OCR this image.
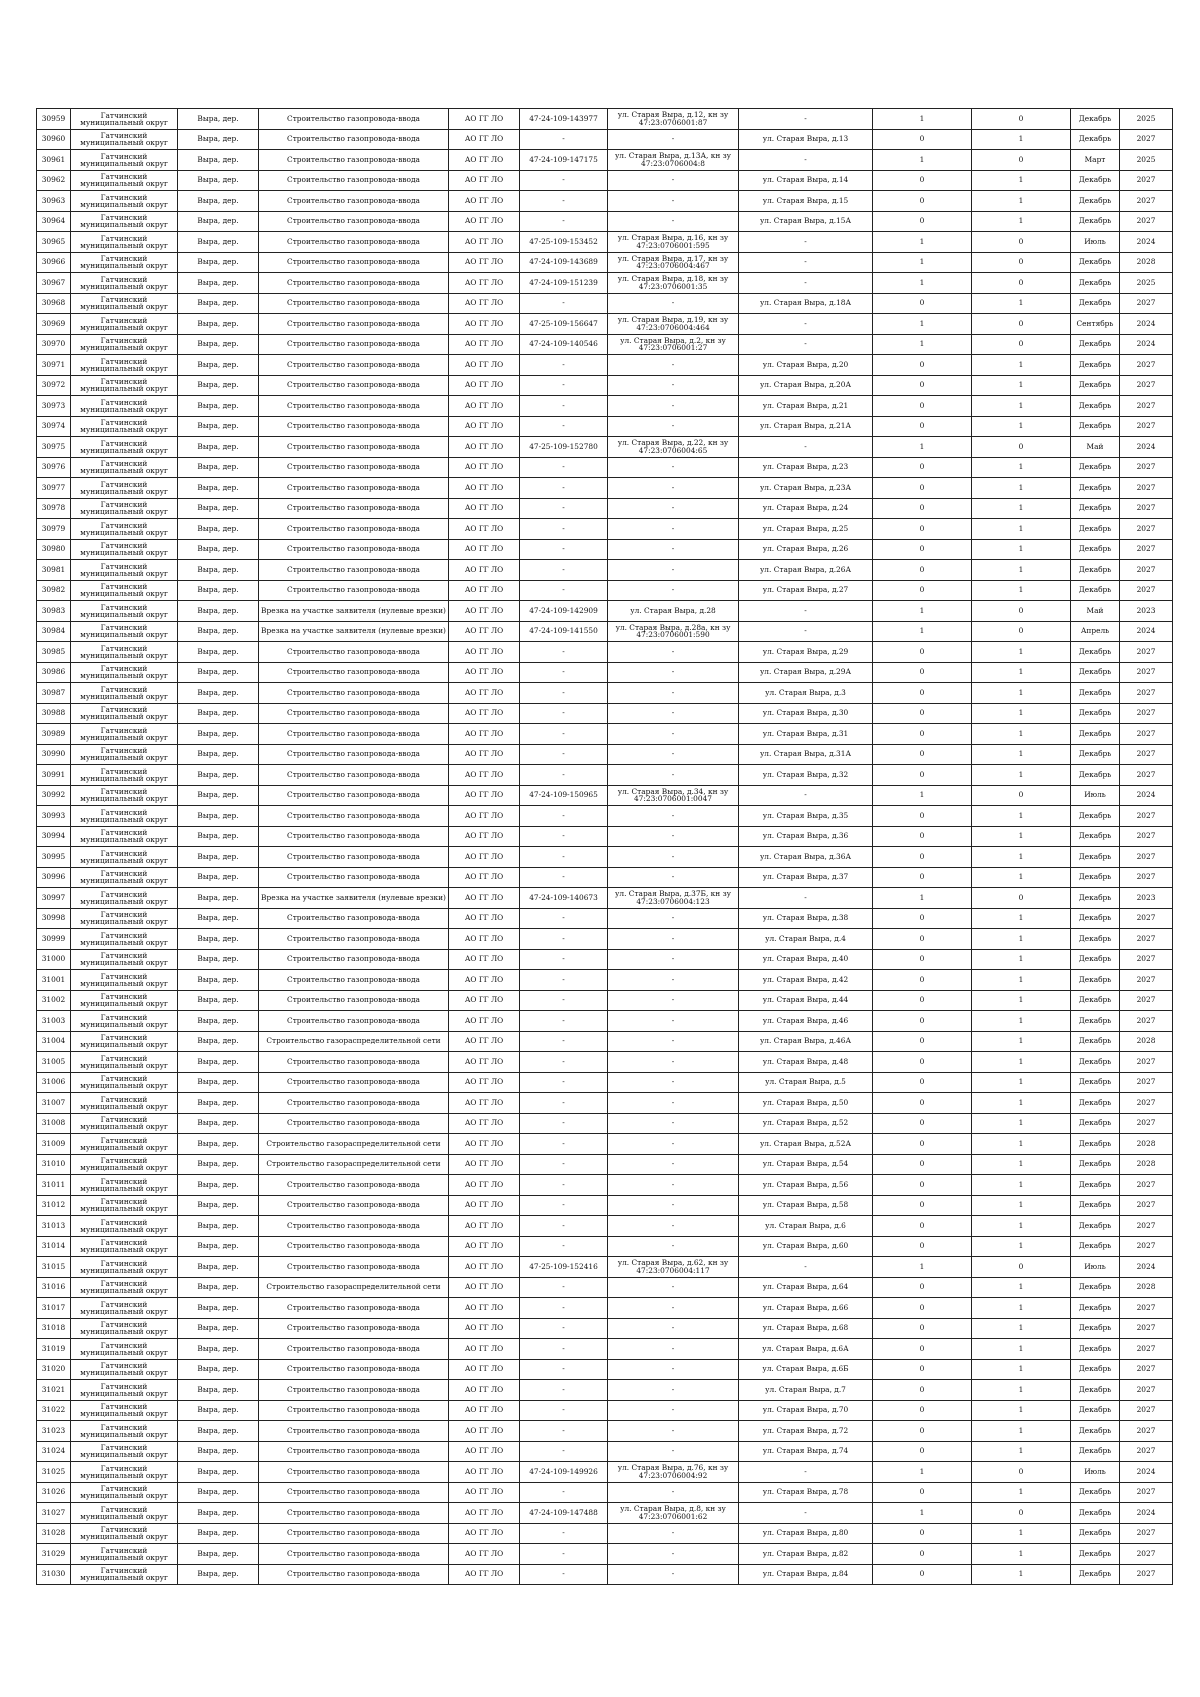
30959	Гатчинский муниципальный округ	Выра, дер.	Строительство газопровода-ввода	АО ГГ ЛО	47-24-109-143977	ул. Старая Выра, д.12, кн зу 47:23:0706001:87	-	1	0	Декабрь	2025
30960	Гатчинский муниципальный округ	Выра, дер.	Строительство газопровода-ввода	АО ГГ ЛО	-	-	ул. Старая Выра, д.13	0	1	Декабрь	2027
30961	Гатчинский муниципальный округ	Выра, дер.	Строительство газопровода-ввода	АО ГГ ЛО	47-24-109-147175	ул. Старая Выра, д.13А, кн зу 47:23:0706004:8	-	1	0	Март	2025
30962	Гатчинский муниципальный округ	Выра, дер.	Строительство газопровода-ввода	АО ГГ ЛО	-	-	ул. Старая Выра, д.14	0	1	Декабрь	2027
30963	Гатчинский муниципальный округ	Выра, дер.	Строительство газопровода-ввода	АО ГГ ЛО	-	-	ул. Старая Выра, д.15	0	1	Декабрь	2027
30964	Гатчинский муниципальный округ	Выра, дер.	Строительство газопровода-ввода	АО ГГ ЛО	-	-	ул. Старая Выра, д.15А	0	1	Декабрь	2027
30965	Гатчинский муниципальный округ	Выра, дер.	Строительство газопровода-ввода	АО ГГ ЛО	47-25-109-153452	ул. Старая Выра, д.16, кн зу 47:23:0706001:595	-	1	0	Июль	2024
30966	Гатчинский муниципальный округ	Выра, дер.	Строительство газопровода-ввода	АО ГГ ЛО	47-24-109-143689	ул. Старая Выра, д.17, кн зу 47:23:0706004:467	-	1	0	Декабрь	2028
30967	Гатчинский муниципальный округ	Выра, дер.	Строительство газопровода-ввода	АО ГГ ЛО	47-24-109-151239	ул. Старая Выра, д.18, кн зу 47:23:0706001:35	-	1	0	Декабрь	2025
30968	Гатчинский муниципальный округ	Выра, дер.	Строительство газопровода-ввода	АО ГГ ЛО	-	-	ул. Старая Выра, д.18А	0	1	Декабрь	2027
30969	Гатчинский муниципальный округ	Выра, дер.	Строительство газопровода-ввода	АО ГГ ЛО	47-25-109-156647	ул. Старая Выра, д.19, кн зу 47:23:0706004:464	-	1	0	Сентябрь	2024
30970	Гатчинский муниципальный округ	Выра, дер.	Строительство газопровода-ввода	АО ГГ ЛО	47-24-109-140546	ул. Старая Выра, д.2, кн зу 47:23:0706001:27	-	1	0	Декабрь	2024
30971	Гатчинский муниципальный округ	Выра, дер.	Строительство газопровода-ввода	АО ГГ ЛО	-	-	ул. Старая Выра, д.20	0	1	Декабрь	2027
30972	Гатчинский муниципальный округ	Выра, дер.	Строительство газопровода-ввода	АО ГГ ЛО	-	-	ул. Старая Выра, д.20А	0	1	Декабрь	2027
30973	Гатчинский муниципальный округ	Выра, дер.	Строительство газопровода-ввода	АО ГГ ЛО	-	-	ул. Старая Выра, д.21	0	1	Декабрь	2027
30974	Гатчинский муниципальный округ	Выра, дер.	Строительство газопровода-ввода	АО ГГ ЛО	-	-	ул. Старая Выра, д.21А	0	1	Декабрь	2027
30975	Гатчинский муниципальный округ	Выра, дер.	Строительство газопровода-ввода	АО ГГ ЛО	47-25-109-152780	ул. Старая Выра, д.22, кн зу 47:23:0706004:65	-	1	0	Май	2024
30976	Гатчинский муниципальный округ	Выра, дер.	Строительство газопровода-ввода	АО ГГ ЛО	-	-	ул. Старая Выра, д.23	0	1	Декабрь	2027
30977	Гатчинский муниципальный округ	Выра, дер.	Строительство газопровода-ввода	АО ГГ ЛО	-	-	ул. Старая Выра, д.23А	0	1	Декабрь	2027
30978	Гатчинский муниципальный округ	Выра, дер.	Строительство газопровода-ввода	АО ГГ ЛО	-	-	ул. Старая Выра, д.24	0	1	Декабрь	2027
30979	Гатчинский муниципальный округ	Выра, дер.	Строительство газопровода-ввода	АО ГГ ЛО	-	-	ул. Старая Выра, д.25	0	1	Декабрь	2027
30980	Гатчинский муниципальный округ	Выра, дер.	Строительство газопровода-ввода	АО ГГ ЛО	-	-	ул. Старая Выра, д.26	0	1	Декабрь	2027
30981	Гатчинский муниципальный округ	Выра, дер.	Строительство газопровода-ввода	АО ГГ ЛО	-	-	ул. Старая Выра, д.26А	0	1	Декабрь	2027
30982	Гатчинский муниципальный округ	Выра, дер.	Строительство газопровода-ввода	АО ГГ ЛО	-	-	ул. Старая Выра, д.27	0	1	Декабрь	2027
30983	Гатчинский муниципальный округ	Выра, дер.	Врезка на участке заявителя (нулевые врезки)	АО ГГ ЛО	47-24-109-142909	ул. Старая Выра, д.28	-	1	0	Май	2023
30984	Гатчинский муниципальный округ	Выра, дер.	Врезка на участке заявителя (нулевые врезки)	АО ГГ ЛО	47-24-109-141550	ул. Старая Выра, д.28а, кн зу 47:23:0706001:590	-	1	0	Апрель	2024
30985	Гатчинский муниципальный округ	Выра, дер.	Строительство газопровода-ввода	АО ГГ ЛО	-	-	ул. Старая Выра, д.29	0	1	Декабрь	2027
30986	Гатчинский муниципальный округ	Выра, дер.	Строительство газопровода-ввода	АО ГГ ЛО	-	-	ул. Старая Выра, д.29А	0	1	Декабрь	2027
30987	Гатчинский муниципальный округ	Выра, дер.	Строительство газопровода-ввода	АО ГГ ЛО	-	-	ул. Старая Выра, д.3	0	1	Декабрь	2027
30988	Гатчинский муниципальный округ	Выра, дер.	Строительство газопровода-ввода	АО ГГ ЛО	-	-	ул. Старая Выра, д.30	0	1	Декабрь	2027
30989	Гатчинский муниципальный округ	Выра, дер.	Строительство газопровода-ввода	АО ГГ ЛО	-	-	ул. Старая Выра, д.31	0	1	Декабрь	2027
30990	Гатчинский муниципальный округ	Выра, дер.	Строительство газопровода-ввода	АО ГГ ЛО	-	-	ул. Старая Выра, д.31А	0	1	Декабрь	2027
30991	Гатчинский муниципальный округ	Выра, дер.	Строительство газопровода-ввода	АО ГГ ЛО	-	-	ул. Старая Выра, д.32	0	1	Декабрь	2027
30992	Гатчинский муниципальный округ	Выра, дер.	Строительство газопровода-ввода	АО ГГ ЛО	47-24-109-150965	ул. Старая Выра, д.34, кн зу 47:23:0706001:0047	-	1	0	Июль	2024
30993	Гатчинский муниципальный округ	Выра, дер.	Строительство газопровода-ввода	АО ГГ ЛО	-	-	ул. Старая Выра, д.35	0	1	Декабрь	2027
30994	Гатчинский муниципальный округ	Выра, дер.	Строительство газопровода-ввода	АО ГГ ЛО	-	-	ул. Старая Выра, д.36	0	1	Декабрь	2027
30995	Гатчинский муниципальный округ	Выра, дер.	Строительство газопровода-ввода	АО ГГ ЛО	-	-	ул. Старая Выра, д.36А	0	1	Декабрь	2027
30996	Гатчинский муниципальный округ	Выра, дер.	Строительство газопровода-ввода	АО ГГ ЛО	-	-	ул. Старая Выра, д.37	0	1	Декабрь	2027
30997	Гатчинский муниципальный округ	Выра, дер.	Врезка на участке заявителя (нулевые врезки)	АО ГГ ЛО	47-24-109-140673	ул. Старая Выра, д.37Б, кн зу 47:23:0706004:123	-	1	0	Декабрь	2023
30998	Гатчинский муниципальный округ	Выра, дер.	Строительство газопровода-ввода	АО ГГ ЛО	-	-	ул. Старая Выра, д.38	0	1	Декабрь	2027
30999	Гатчинский муниципальный округ	Выра, дер.	Строительство газопровода-ввода	АО ГГ ЛО	-	-	ул. Старая Выра, д.4	0	1	Декабрь	2027
31000	Гатчинский муниципальный округ	Выра, дер.	Строительство газопровода-ввода	АО ГГ ЛО	-	-	ул. Старая Выра, д.40	0	1	Декабрь	2027
31001	Гатчинский муниципальный округ	Выра, дер.	Строительство газопровода-ввода	АО ГГ ЛО	-	-	ул. Старая Выра, д.42	0	1	Декабрь	2027
31002	Гатчинский муниципальный округ	Выра, дер.	Строительство газопровода-ввода	АО ГГ ЛО	-	-	ул. Старая Выра, д.44	0	1	Декабрь	2027
31003	Гатчинский муниципальный округ	Выра, дер.	Строительство газопровода-ввода	АО ГГ ЛО	-	-	ул. Старая Выра, д.46	0	1	Декабрь	2027
31004	Гатчинский муниципальный округ	Выра, дер.	Строительство газораспределительной сети	АО ГГ ЛО	-	-	ул. Старая Выра, д.46А	0	1	Декабрь	2028
31005	Гатчинский муниципальный округ	Выра, дер.	Строительство газопровода-ввода	АО ГГ ЛО	-	-	ул. Старая Выра, д.48	0	1	Декабрь	2027
31006	Гатчинский муниципальный округ	Выра, дер.	Строительство газопровода-ввода	АО ГГ ЛО	-	-	ул. Старая Выра, д.5	0	1	Декабрь	2027
31007	Гатчинский муниципальный округ	Выра, дер.	Строительство газопровода-ввода	АО ГГ ЛО	-	-	ул. Старая Выра, д.50	0	1	Декабрь	2027
31008	Гатчинский муниципальный округ	Выра, дер.	Строительство газопровода-ввода	АО ГГ ЛО	-	-	ул. Старая Выра, д.52	0	1	Декабрь	2027
31009	Гатчинский муниципальный округ	Выра, дер.	Строительство газораспределительной сети	АО ГГ ЛО	-	-	ул. Старая Выра, д.52А	0	1	Декабрь	2028
31010	Гатчинский муниципальный округ	Выра, дер.	Строительство газораспределительной сети	АО ГГ ЛО	-	-	ул. Старая Выра, д.54	0	1	Декабрь	2028
31011	Гатчинский муниципальный округ	Выра, дер.	Строительство газопровода-ввода	АО ГГ ЛО	-	-	ул. Старая Выра, д.56	0	1	Декабрь	2027
31012	Гатчинский муниципальный округ	Выра, дер.	Строительство газопровода-ввода	АО ГГ ЛО	-	-	ул. Старая Выра, д.58	0	1	Декабрь	2027
31013	Гатчинский муниципальный округ	Выра, дер.	Строительство газопровода-ввода	АО ГГ ЛО	-	-	ул. Старая Выра, д.6	0	1	Декабрь	2027
31014	Гатчинский муниципальный округ	Выра, дер.	Строительство газопровода-ввода	АО ГГ ЛО	-	-	ул. Старая Выра, д.60	0	1	Декабрь	2027
31015	Гатчинский муниципальный округ	Выра, дер.	Строительство газопровода-ввода	АО ГГ ЛО	47-25-109-152416	ул. Старая Выра, д.62, кн зу 47:23:0706004:117	-	1	0	Июль	2024
31016	Гатчинский муниципальный округ	Выра, дер.	Строительство газораспределительной сети	АО ГГ ЛО	-	-	ул. Старая Выра, д.64	0	1	Декабрь	2028
31017	Гатчинский муниципальный округ	Выра, дер.	Строительство газопровода-ввода	АО ГГ ЛО	-	-	ул. Старая Выра, д.66	0	1	Декабрь	2027
31018	Гатчинский муниципальный округ	Выра, дер.	Строительство газопровода-ввода	АО ГГ ЛО	-	-	ул. Старая Выра, д.68	0	1	Декабрь	2027
31019	Гатчинский муниципальный округ	Выра, дер.	Строительство газопровода-ввода	АО ГГ ЛО	-	-	ул. Старая Выра, д.6А	0	1	Декабрь	2027
31020	Гатчинский муниципальный округ	Выра, дер.	Строительство газопровода-ввода	АО ГГ ЛО	-	-	ул. Старая Выра, д.6Б	0	1	Декабрь	2027
31021	Гатчинский муниципальный округ	Выра, дер.	Строительство газопровода-ввода	АО ГГ ЛО	-	-	ул. Старая Выра, д.7	0	1	Декабрь	2027
31022	Гатчинский муниципальный округ	Выра, дер.	Строительство газопровода-ввода	АО ГГ ЛО	-	-	ул. Старая Выра, д.70	0	1	Декабрь	2027
31023	Гатчинский муниципальный округ	Выра, дер.	Строительство газопровода-ввода	АО ГГ ЛО	-	-	ул. Старая Выра, д.72	0	1	Декабрь	2027
31024	Гатчинский муниципальный округ	Выра, дер.	Строительство газопровода-ввода	АО ГГ ЛО	-	-	ул. Старая Выра, д.74	0	1	Декабрь	2027
31025	Гатчинский муниципальный округ	Выра, дер.	Строительство газопровода-ввода	АО ГГ ЛО	47-24-109-149926	ул. Старая Выра, д.76, кн зу 47:23:0706004:92	-	1	0	Июль	2024
31026	Гатчинский муниципальный округ	Выра, дер.	Строительство газопровода-ввода	АО ГГ ЛО	-	-	ул. Старая Выра, д.78	0	1	Декабрь	2027
31027	Гатчинский муниципальный округ	Выра, дер.	Строительство газопровода-ввода	АО ГГ ЛО	47-24-109-147488	ул. Старая Выра, д.8, кн зу 47:23:0706001:62	-	1	0	Декабрь	2024
31028	Гатчинский муниципальный округ	Выра, дер.	Строительство газопровода-ввода	АО ГГ ЛО	-	-	ул. Старая Выра, д.80	0	1	Декабрь	2027
31029	Гатчинский муниципальный округ	Выра, дер.	Строительство газопровода-ввода	АО ГГ ЛО	-	-	ул. Старая Выра, д.82	0	1	Декабрь	2027
31030	Гатчинский муниципальный округ	Выра, дер.	Строительство газопровода-ввода	АО ГГ ЛО	-	-	ул. Старая Выра, д.84	0	1	Декабрь	2027
